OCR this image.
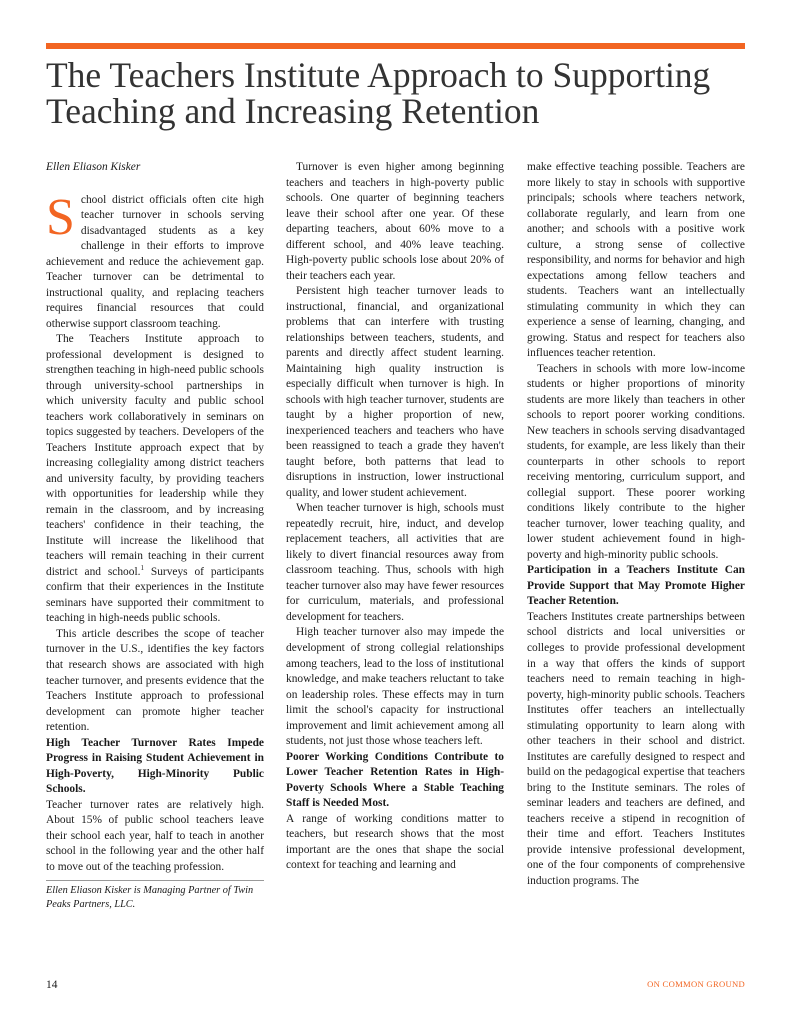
The Teachers Institute Approach to Supporting Teaching and Increasing Retention

Ellen Eliason Kisker

School district officials often cite high teacher turnover in schools serving disadvantaged students as a key challenge in their efforts to improve achievement and reduce the achievement gap. Teacher turnover can be detrimental to instructional quality, and replacing teachers requires financial resources that could otherwise support classroom teaching.

The Teachers Institute approach to professional development is designed to strengthen teaching in high-need public schools through university-school partnerships in which university faculty and public school teachers work collaboratively in seminars on topics suggested by teachers. Developers of the Teachers Institute approach expect that by increasing collegiality among district teachers and university faculty, by providing teachers with opportunities for leadership while they remain in the classroom, and by increasing teachers' confidence in their teaching, the Institute will increase the likelihood that teachers will remain teaching in their current district and school.$^1$ Surveys of participants confirm that their experiences in the Institute seminars have supported their commitment to teaching in high-needs public schools.

This article describes the scope of teacher turnover in the U.S., identifies the key factors that research shows are associated with high teacher turnover, and presents evidence that the Teachers Institute approach to professional development can promote higher teacher retention.

High Teacher Turnover Rates Impede Progress in Raising Student Achievement in High-Poverty, High-Minority Public Schools.

Teacher turnover rates are relatively high. About 15% of public school teachers leave their school each year, half to teach in another school in the following year and the other half to move out of the teaching profession.

Ellen Eliason Kisker is Managing Partner of Twin Peaks Partners, LLC.

Turnover is even higher among beginning teachers and teachers in high-poverty public schools. One quarter of beginning teachers leave their school after one year. Of these departing teachers, about 60% move to a different school, and 40% leave teaching. High-poverty public schools lose about 20% of their teachers each year.

Persistent high teacher turnover leads to instructional, financial, and organizational problems that can interfere with trusting relationships between teachers, students, and parents and directly affect student learning. Maintaining high quality instruction is especially difficult when turnover is high. In schools with high teacher turnover, students are taught by a higher proportion of new, inexperienced teachers and teachers who have been reassigned to teach a grade they haven't taught before, both patterns that lead to disruptions in instruction, lower instructional quality, and lower student achievement.

When teacher turnover is high, schools must repeatedly recruit, hire, induct, and develop replacement teachers, all activities that are likely to divert financial resources away from classroom teaching. Thus, schools with high teacher turnover also may have fewer resources for curriculum, materials, and professional development for teachers.

High teacher turnover also may impede the development of strong collegial relationships among teachers, lead to the loss of institutional knowledge, and make teachers reluctant to take on leadership roles. These effects may in turn limit the school's capacity for instructional improvement and limit achievement among all students, not just those whose teachers left.

Poorer Working Conditions Contribute to Lower Teacher Retention Rates in High-Poverty Schools Where a Stable Teaching Staff is Needed Most.

A range of working conditions matter to teachers, but research shows that the most important are the ones that shape the social context for teaching and learning and

make effective teaching possible. Teachers are more likely to stay in schools with supportive principals; schools where teachers network, collaborate regularly, and learn from one another; and schools with a positive work culture, a strong sense of collective responsibility, and norms for behavior and high expectations among fellow teachers and students. Teachers want an intellectually stimulating community in which they can experience a sense of learning, changing, and growing. Status and respect for teachers also influences teacher retention.

Teachers in schools with more low-income students or higher proportions of minority students are more likely than teachers in other schools to report poorer working conditions. New teachers in schools serving disadvantaged students, for example, are less likely than their counterparts in other schools to report receiving mentoring, curriculum support, and collegial support. These poorer working conditions likely contribute to the higher teacher turnover, lower teaching quality, and lower student achievement found in high-poverty and high-minority public schools.

Participation in a Teachers Institute Can Provide Support that May Promote Higher Teacher Retention.

Teachers Institutes create partnerships between school districts and local universities or colleges to provide professional development in a way that offers the kinds of support teachers need to remain teaching in high-poverty, high-minority public schools. Teachers Institutes offer teachers an intellectually stimulating opportunity to learn along with other teachers in their school and district. Institutes are carefully designed to respect and build on the pedagogical expertise that teachers bring to the Institute seminars. The roles of seminar leaders and teachers are defined, and teachers receive a stipend in recognition of their time and effort. Teachers Institutes provide intensive professional development, one of the four components of comprehensive induction programs. The

14	ON COMMON GROUND
